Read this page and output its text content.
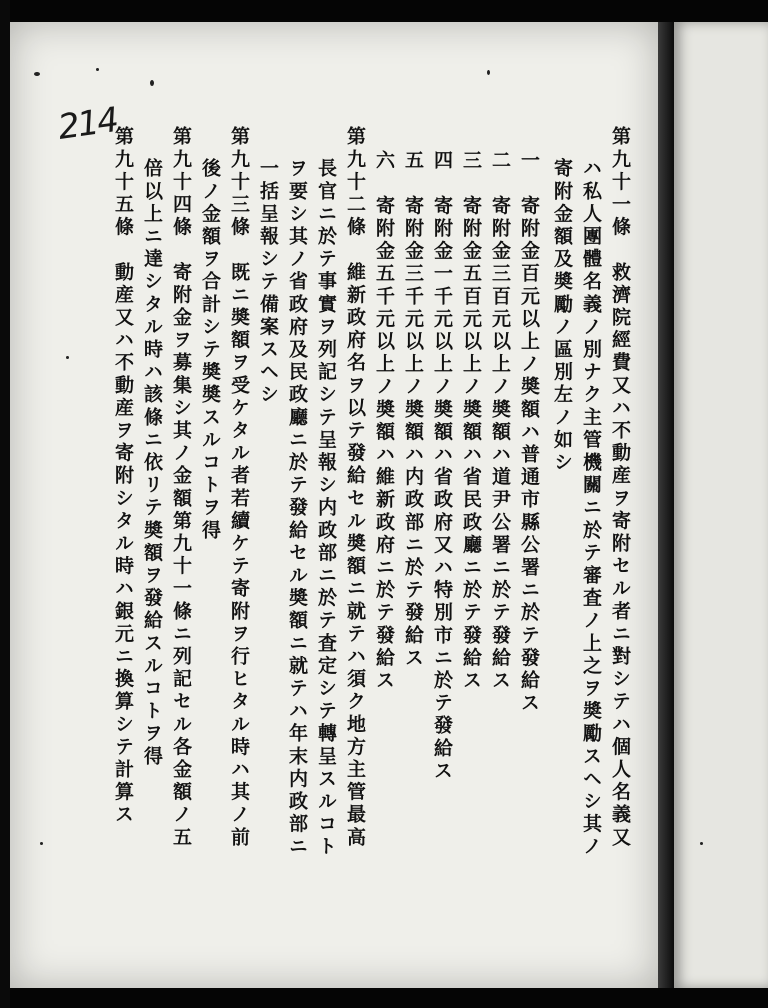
214
第九十一條　救濟院經費又ハ不動産ヲ寄附セル者ニ對シテハ個人名義又
ハ私人團體名義ノ別ナク主管機關ニ於テ審査ノ上之ヲ奬勵スヘシ其ノ
寄附金額及奬勵ノ區別左ノ如シ
一　寄附金百元以上ノ奬額ハ普通市縣公署ニ於テ發給ス
二　寄附金三百元以上ノ奬額ハ道尹公署ニ於テ發給ス
三　寄附金五百元以上ノ奬額ハ省民政廳ニ於テ發給ス
四　寄附金一千元以上ノ奬額ハ省政府又ハ特別市ニ於テ發給ス
五　寄附金三千元以上ノ奬額ハ内政部ニ於テ發給ス
六　寄附金五千元以上ノ奬額ハ維新政府ニ於テ發給ス
第九十二條　維新政府名ヲ以テ發給セル奬額ニ就テハ須ク地方主管最高
長官ニ於テ事實ヲ列記シテ呈報シ内政部ニ於テ査定シテ轉呈スルコト
ヲ要シ其ノ省政府及民政廳ニ於テ發給セル奬額ニ就テハ年末内政部ニ
一括呈報シテ備案スヘシ
第九十三條　既ニ奬額ヲ受ケタル者若續ケテ寄附ヲ行ヒタル時ハ其ノ前
後ノ金額ヲ合計シテ奬奬スルコトヲ得
第九十四條　寄附金ヲ募集シ其ノ金額第九十一條ニ列記セル各金額ノ五
倍以上ニ達シタル時ハ該條ニ依リテ奬額ヲ發給スルコトヲ得
第九十五條　動産又ハ不動産ヲ寄附シタル時ハ銀元ニ換算シテ計算ス
